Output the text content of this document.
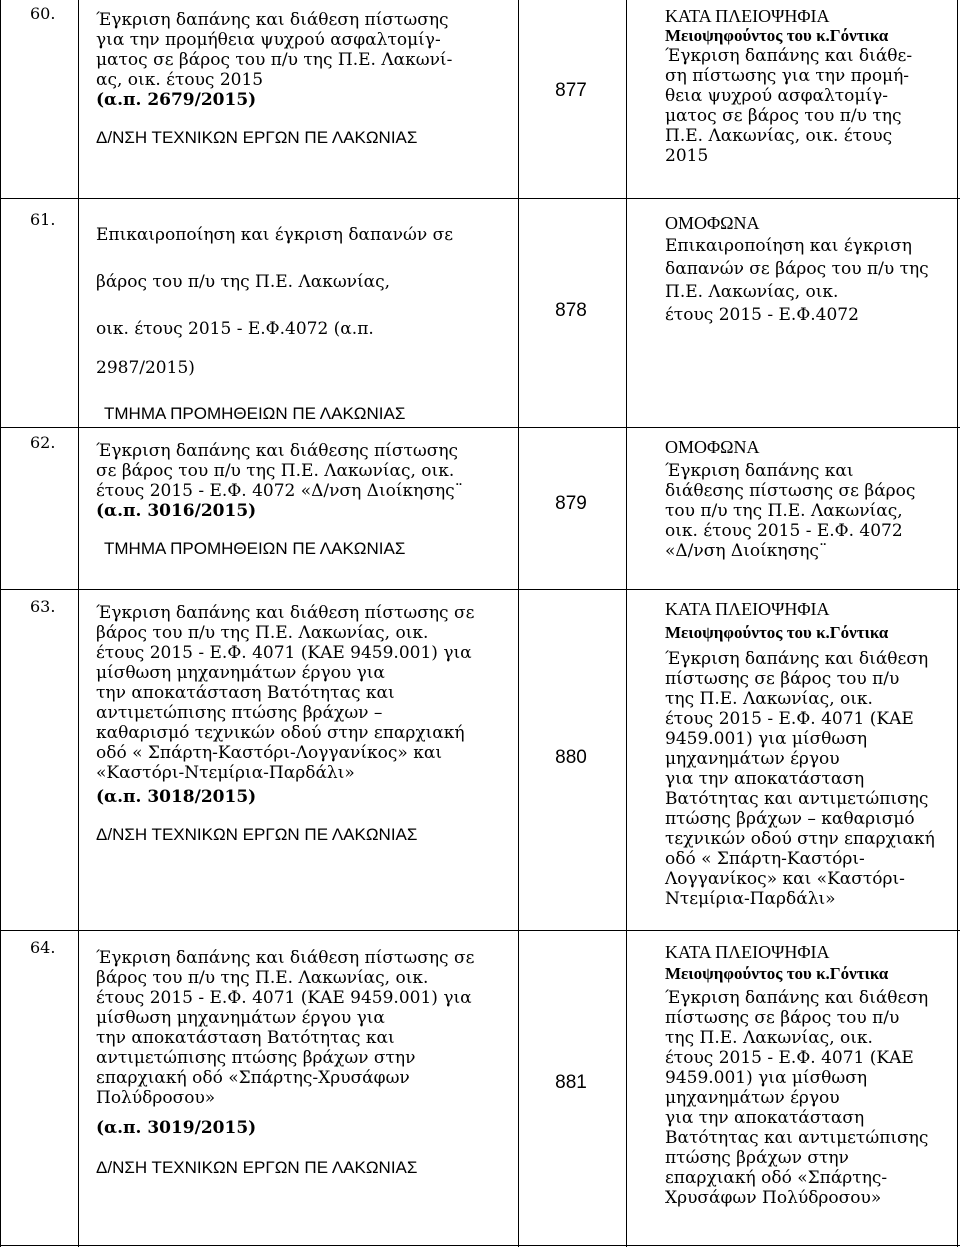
60. Έγκριση δαπάνης και διάθεση πίστωσης
για την προμήθεια ψυχρού ασφαλτομίγ-
ματος σε βάρος του π/υ της Π.Ε. Λακωνί-
ας, οικ. έτους 2015
(α.π. 2679/2015)
Δ/ΝΣΗ ΤΕΧΝΙΚΩΝ ΕΡΓΩΝ ΠΕ ΛΑΚΩΝΙΑΣ
877
ΚΑΤΑ ΠΛΕΙΟΨΗΦΙΑ
Μειοψηφούντος του κ.Γόντικα
Έγκριση δαπάνης και διάθε-
ση πίστωσης για την προμή-
θεια ψυχρού ασφαλτομίγ-
ματος σε βάρος του π/υ της
Π.Ε. Λακωνίας, οικ. έτους
2015
61.
Επικαιροποίηση και έγκριση δαπανών σε
βάρος του π/υ της Π.Ε. Λακωνίας,
οικ. έτους 2015 - Ε.Φ.4072 (α.π.
2987/2015)
ΤΜΗΜΑ ΠΡΟΜΗΘΕΙΩΝ ΠΕ ΛΑΚΩΝΙΑΣ
878
ΟΜΟΦΩΝΑ
Επικαιροποίηση και έγκριση
δαπανών σε βάρος του π/υ της
Π.Ε. Λακωνίας, οικ.
έτους 2015 - Ε.Φ.4072
62. Έγκριση δαπάνης και διάθεσης πίστωσης
σε βάρος του π/υ της Π.Ε. Λακωνίας, οικ.
έτους 2015 - Ε.Φ. 4072 «Δ/νση Διοίκησης¨
(α.π. 3016/2015)
ΤΜΗΜΑ ΠΡΟΜΗΘΕΙΩΝ ΠΕ ΛΑΚΩΝΙΑΣ
879
ΟΜΟΦΩΝΑ
Έγκριση δαπάνης και
διάθεσης πίστωσης σε βάρος
του π/υ της Π.Ε. Λακωνίας,
οικ. έτους 2015 - Ε.Φ. 4072
«Δ/νση Διοίκησης¨
63. Έγκριση δαπάνης και διάθεση πίστωσης σε
βάρος του π/υ της Π.Ε. Λακωνίας, οικ.
έτους 2015 - Ε.Φ. 4071 (ΚΑΕ 9459.001) για
μίσθωση μηχανημάτων έργου για
την αποκατάσταση Βατότητας και
αντιμετώπισης πτώσης βράχων –
καθαρισμό τεχνικών οδού στην επαρχιακή
οδό « Σπάρτη-Καστόρι-Λογγανίκος» και
«Καστόρι-Ντεμίρια-Παρδάλι»
(α.π. 3018/2015)
Δ/ΝΣΗ ΤΕΧΝΙΚΩΝ ΕΡΓΩΝ ΠΕ ΛΑΚΩΝΙΑΣ
880
ΚΑΤΑ ΠΛΕΙΟΨΗΦΙΑ
Μειοψηφούντος του κ.Γόντικα
Έγκριση δαπάνης και διάθεση
πίστωσης σε βάρος του π/υ
της Π.Ε. Λακωνίας, οικ.
έτους 2015 - Ε.Φ. 4071 (ΚΑΕ
9459.001) για μίσθωση
μηχανημάτων έργου
για την αποκατάσταση
Βατότητας και αντιμετώπισης
πτώσης βράχων – καθαρισμό
τεχνικών οδού στην επαρχιακή
οδό « Σπάρτη-Καστόρι-
Λογγανίκος» και «Καστόρι-
Ντεμίρια-Παρδάλι»
64.
Έγκριση δαπάνης και διάθεση πίστωσης σε
βάρος του π/υ της Π.Ε. Λακωνίας, οικ.
έτους 2015 - Ε.Φ. 4071 (ΚΑΕ 9459.001) για
μίσθωση μηχανημάτων έργου για
την αποκατάσταση Βατότητας και
αντιμετώπισης πτώσης βράχων στην
επαρχιακή οδό «Σπάρτης-Χρυσάφων
Πολύδροσου»
(α.π. 3019/2015)
Δ/ΝΣΗ ΤΕΧΝΙΚΩΝ ΕΡΓΩΝ ΠΕ ΛΑΚΩΝΙΑΣ
881
ΚΑΤΑ ΠΛΕΙΟΨΗΦΙΑ
Μειοψηφούντος του κ.Γόντικα
Έγκριση δαπάνης και διάθεση
πίστωσης σε βάρος του π/υ
της Π.Ε. Λακωνίας, οικ.
έτους 2015 - Ε.Φ. 4071 (ΚΑΕ
9459.001) για μίσθωση
μηχανημάτων έργου
για την αποκατάσταση
Βατότητας και αντιμετώπισης
πτώσης βράχων στην
επαρχιακή οδό «Σπάρτης-
Χρυσάφων Πολύδροσου»
